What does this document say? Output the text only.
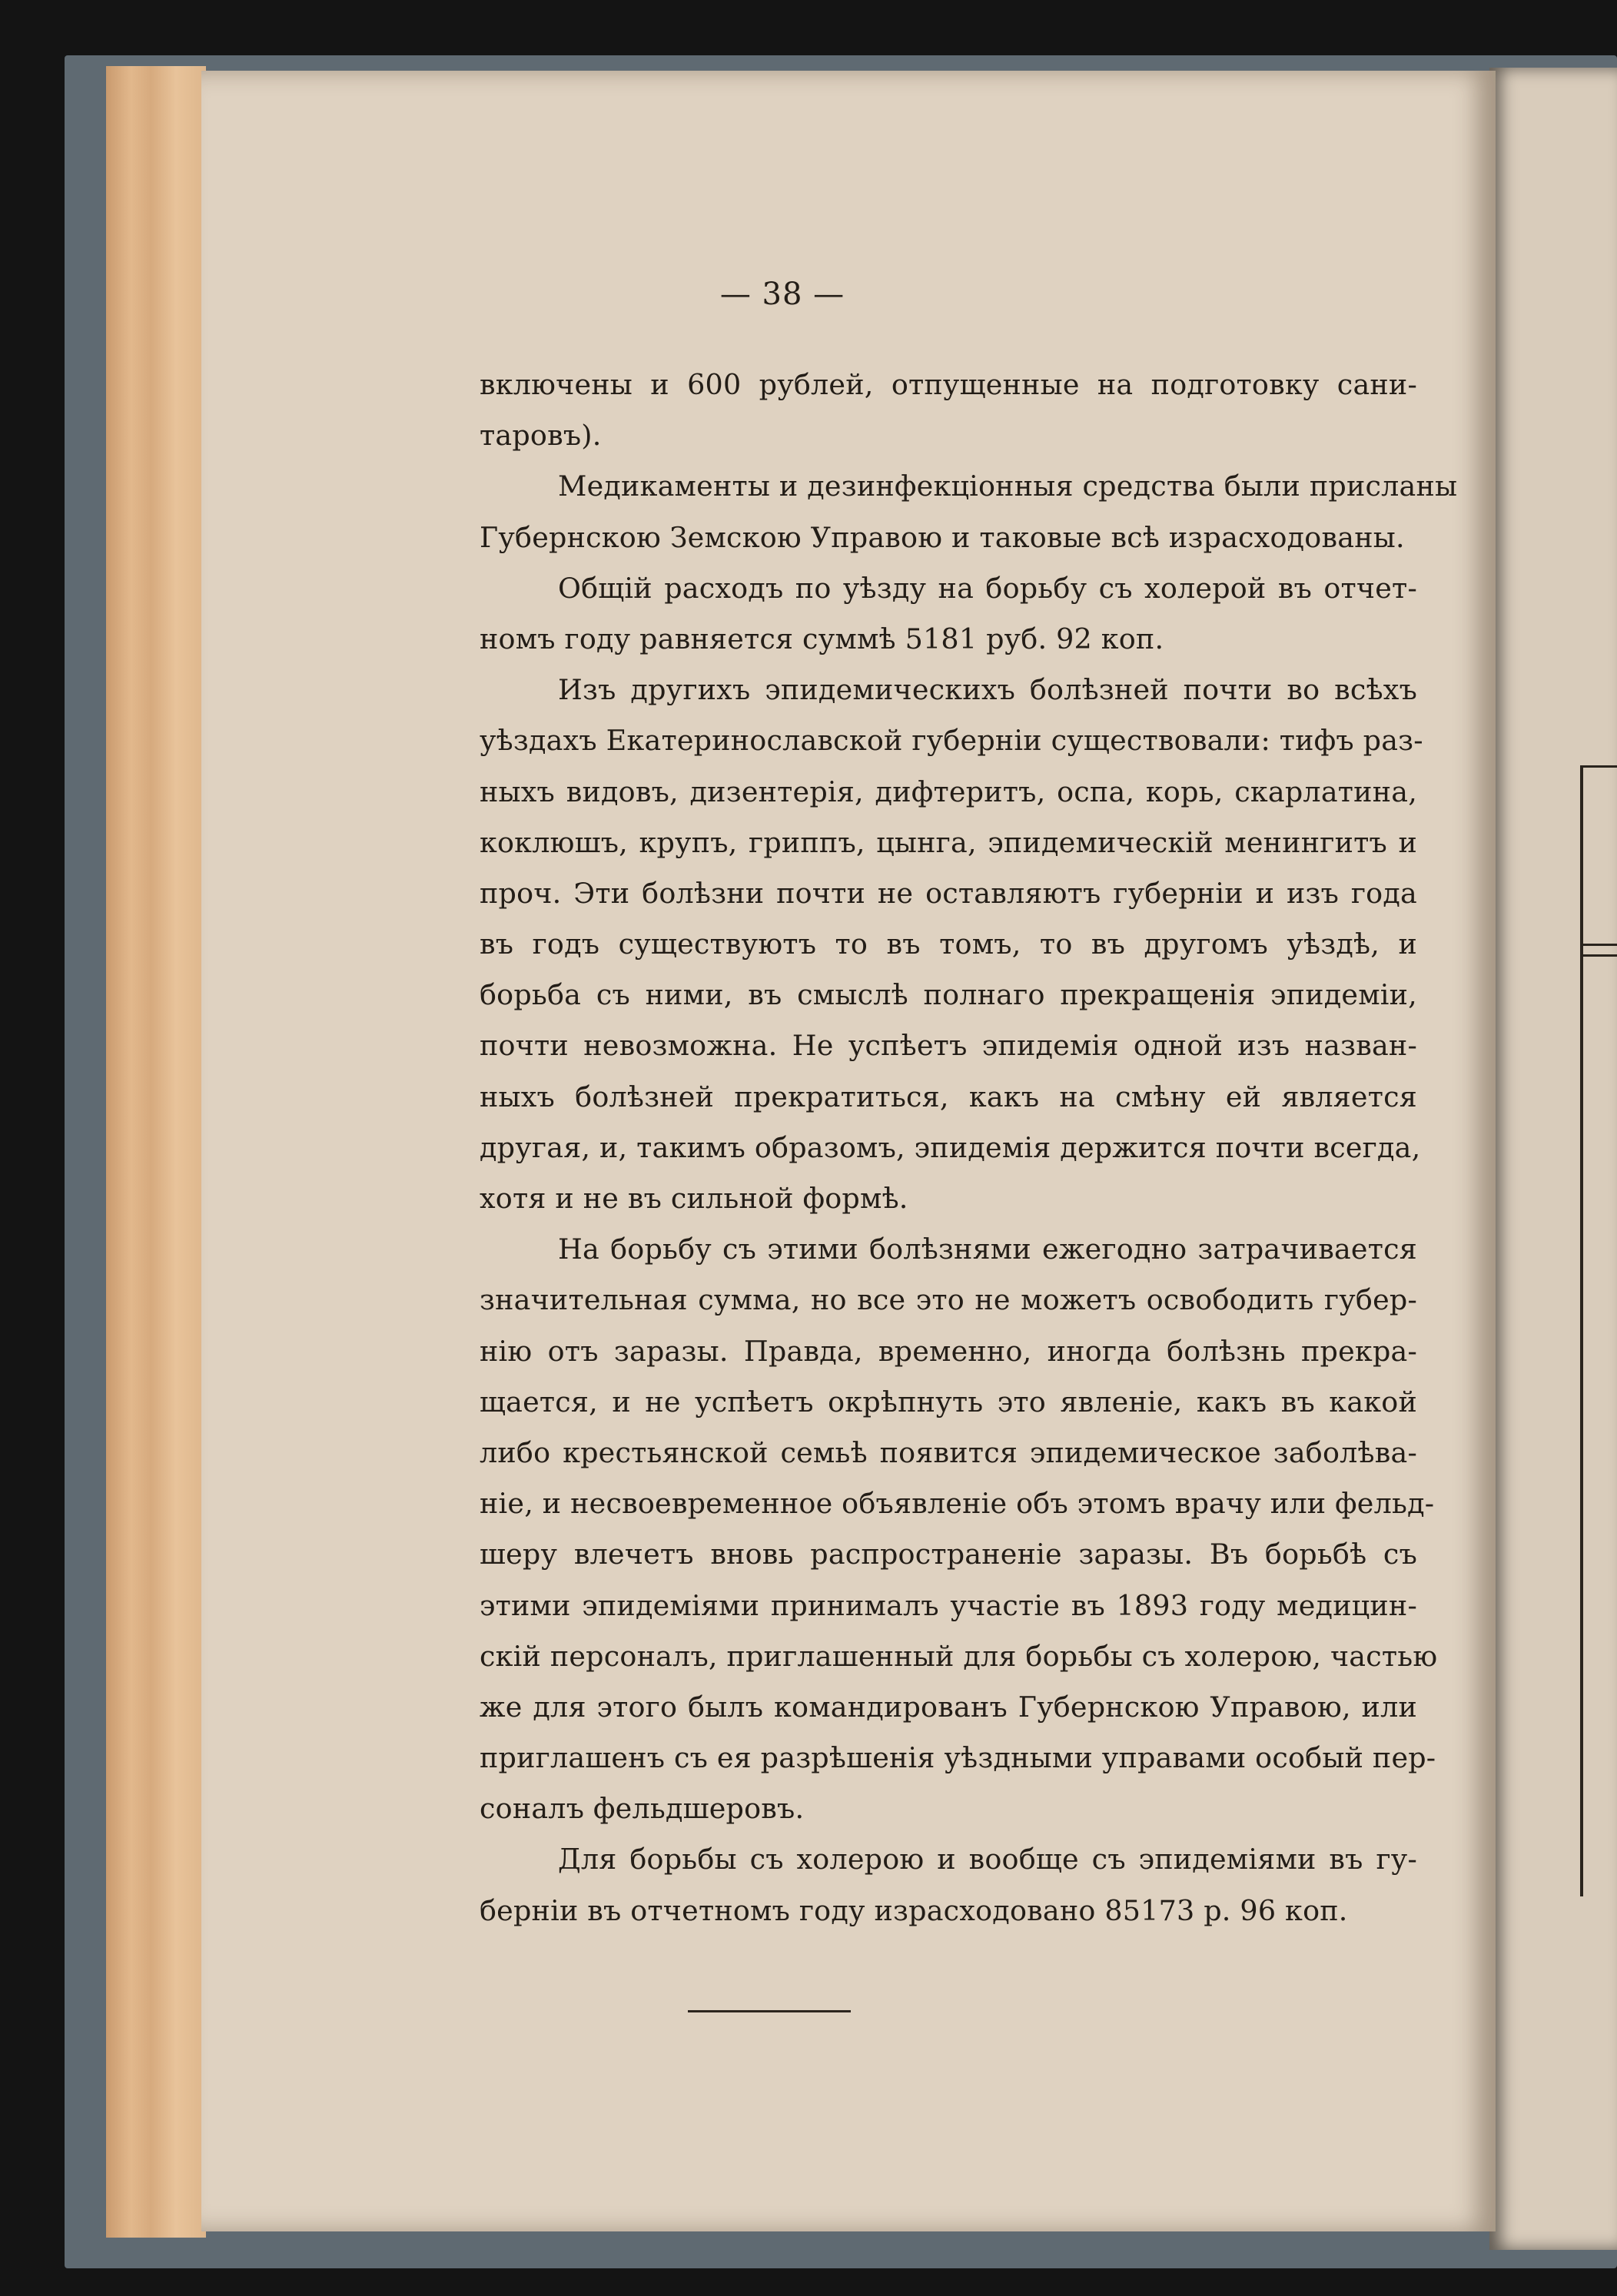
— 38 —
включены и 600 рублей, отпущенные на подготовку сани-
таровъ).
Медикаменты и дезинфекціонныя средства были присланы
Губернскою Земскою Управою и таковые всѣ израсходованы.
Общій расходъ по уѣзду на борьбу съ холерой въ отчет-
номъ году равняется суммѣ 5181 руб. 92 коп.
Изъ другихъ эпидемическихъ болѣзней почти во всѣхъ
уѣздахъ Екатеринославской губерніи существовали: тифъ раз-
ныхъ видовъ, дизентерія, дифтеритъ, оспа, корь, скарлатина,
коклюшъ, крупъ, гриппъ, цынга, эпидемическій менингитъ и
проч. Эти болѣзни почти не оставляютъ губерніи и изъ года
въ годъ существуютъ то въ томъ, то въ другомъ уѣздѣ, и
борьба съ ними, въ смыслѣ полнаго прекращенія эпидеміи,
почти невозможна. Не успѣетъ эпидемія одной изъ назван-
ныхъ болѣзней прекратиться, какъ на смѣну ей является
другая, и, такимъ образомъ, эпидемія держится почти всегда,
хотя и не въ сильной формѣ.
На борьбу съ этими болѣзнями ежегодно затрачивается
значительная сумма, но все это не можетъ освободить губер-
нію отъ заразы. Правда, временно, иногда болѣзнь прекра-
щается, и не успѣетъ окрѣпнуть это явленіе, какъ въ какой
либо крестьянской семьѣ появится эпидемическое заболѣва-
ніе, и несвоевременное объявленіе объ этомъ врачу или фельд-
шеру влечетъ вновь распространеніе заразы. Въ борьбѣ съ
этими эпидеміями принималъ участіе въ 1893 году медицин-
скій персоналъ, приглашенный для борьбы съ холерою, частью
же для этого былъ командированъ Губернскою Управою, или
приглашенъ съ ея разрѣшенія уѣздными управами особый пер-
соналъ фельдшеровъ.
Для борьбы съ холерою и вообще съ эпидеміями въ гу-
берніи въ отчетномъ году израсходовано 85173 р. 96 коп.
